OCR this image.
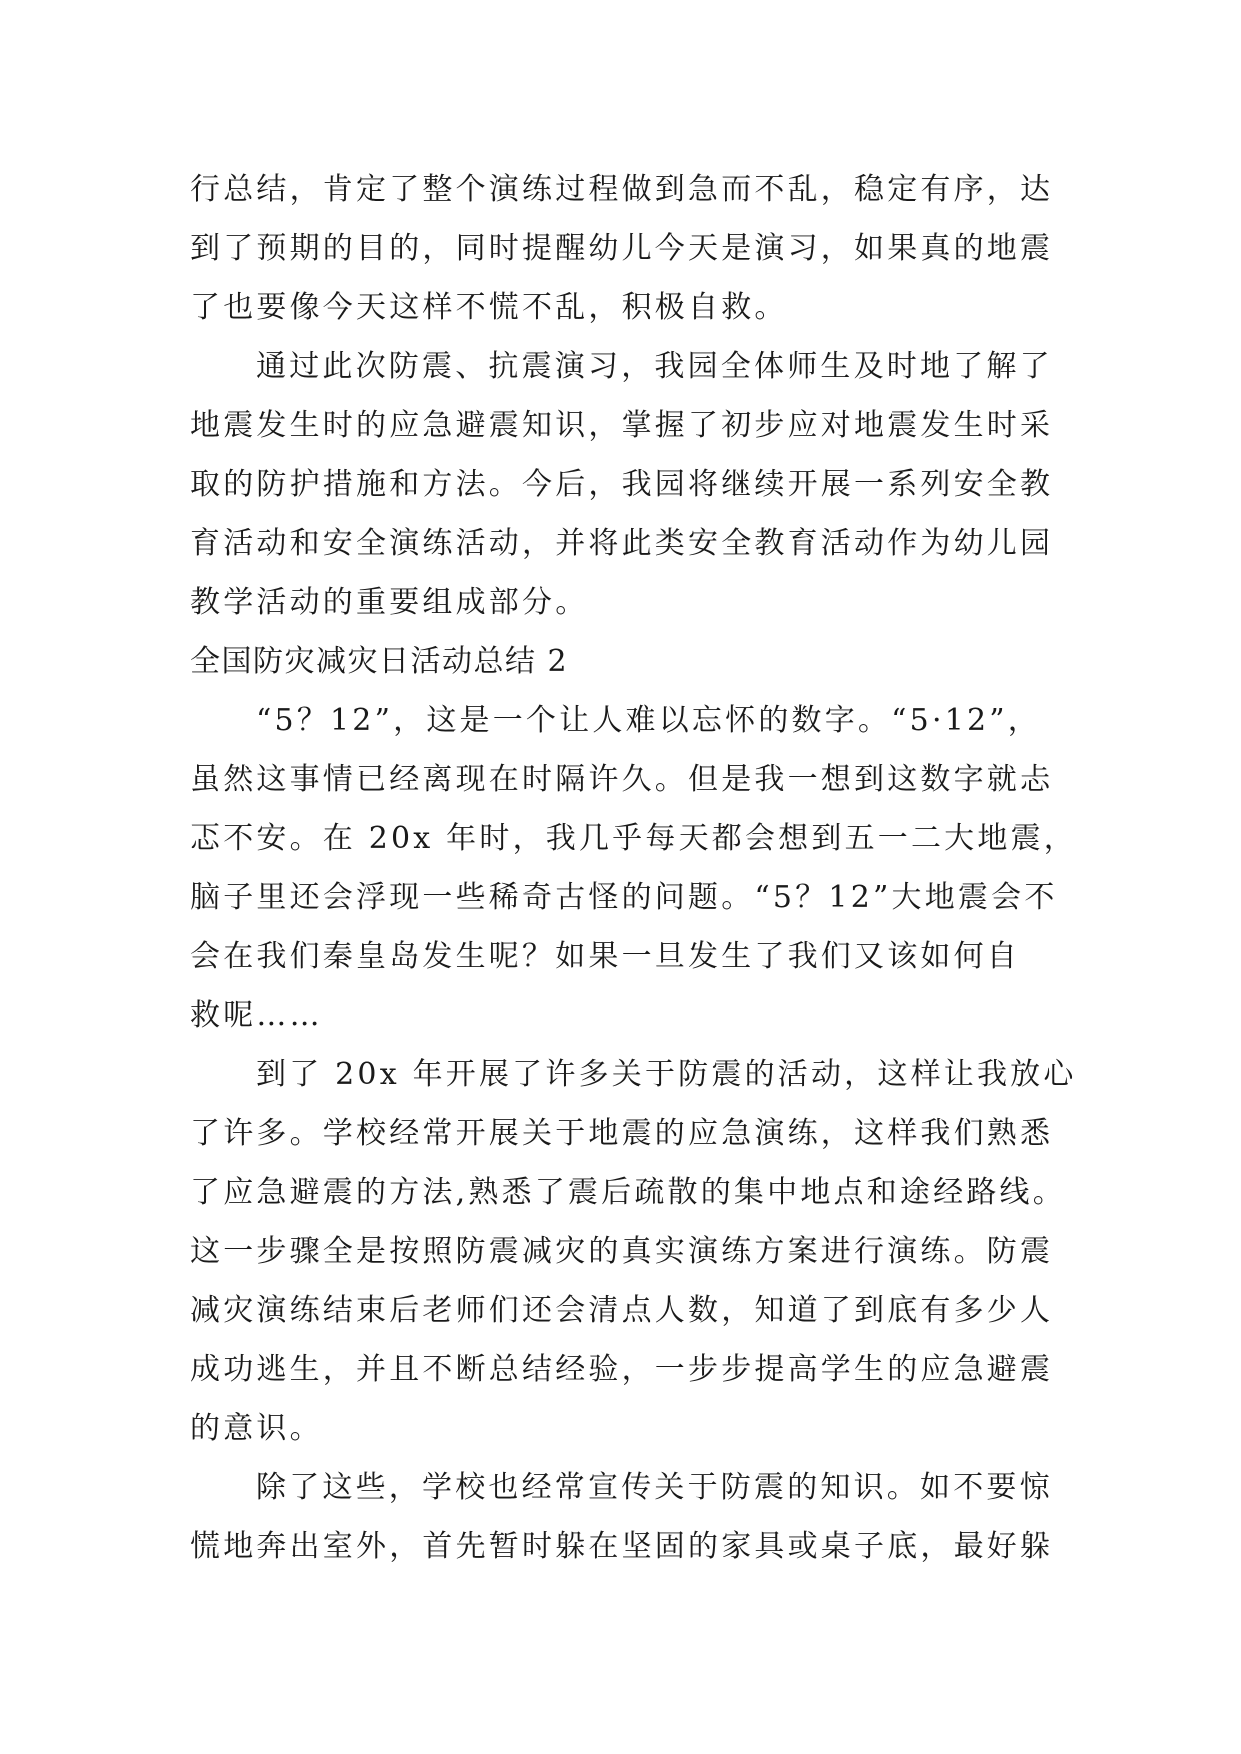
行总结，肯定了整个演练过程做到急而不乱，稳定有序，达
到了预期的目的，同时提醒幼儿今天是演习，如果真的地震
了也要像今天这样不慌不乱，积极自救。
通过此次防震、抗震演习，我园全体师生及时地了解了
地震发生时的应急避震知识，掌握了初步应对地震发生时采
取的防护措施和方法。今后，我园将继续开展一系列安全教
育活动和安全演练活动，并将此类安全教育活动作为幼儿园
教学活动的重要组成部分。
全国防灾减灾日活动总结 2
“5？12”，这是一个让人难以忘怀的数字。“5·12”，
虽然这事情已经离现在时隔许久。但是我一想到这数字就忐
忑不安。在 20x 年时，我几乎每天都会想到五一二大地震，
脑子里还会浮现一些稀奇古怪的问题。“5？12”大地震会不
会在我们秦皇岛发生呢？如果一旦发生了我们又该如何自
救呢……
到了 20x 年开展了许多关于防震的活动，这样让我放心
了许多。学校经常开展关于地震的应急演练，这样我们熟悉
了应急避震的方法,熟悉了震后疏散的集中地点和途经路线。
这一步骤全是按照防震减灾的真实演练方案进行演练。防震
减灾演练结束后老师们还会清点人数，知道了到底有多少人
成功逃生，并且不断总结经验，一步步提高学生的应急避震
的意识。
除了这些，学校也经常宣传关于防震的知识。如不要惊
慌地奔出室外，首先暂时躲在坚固的家具或桌子底，最好躲
